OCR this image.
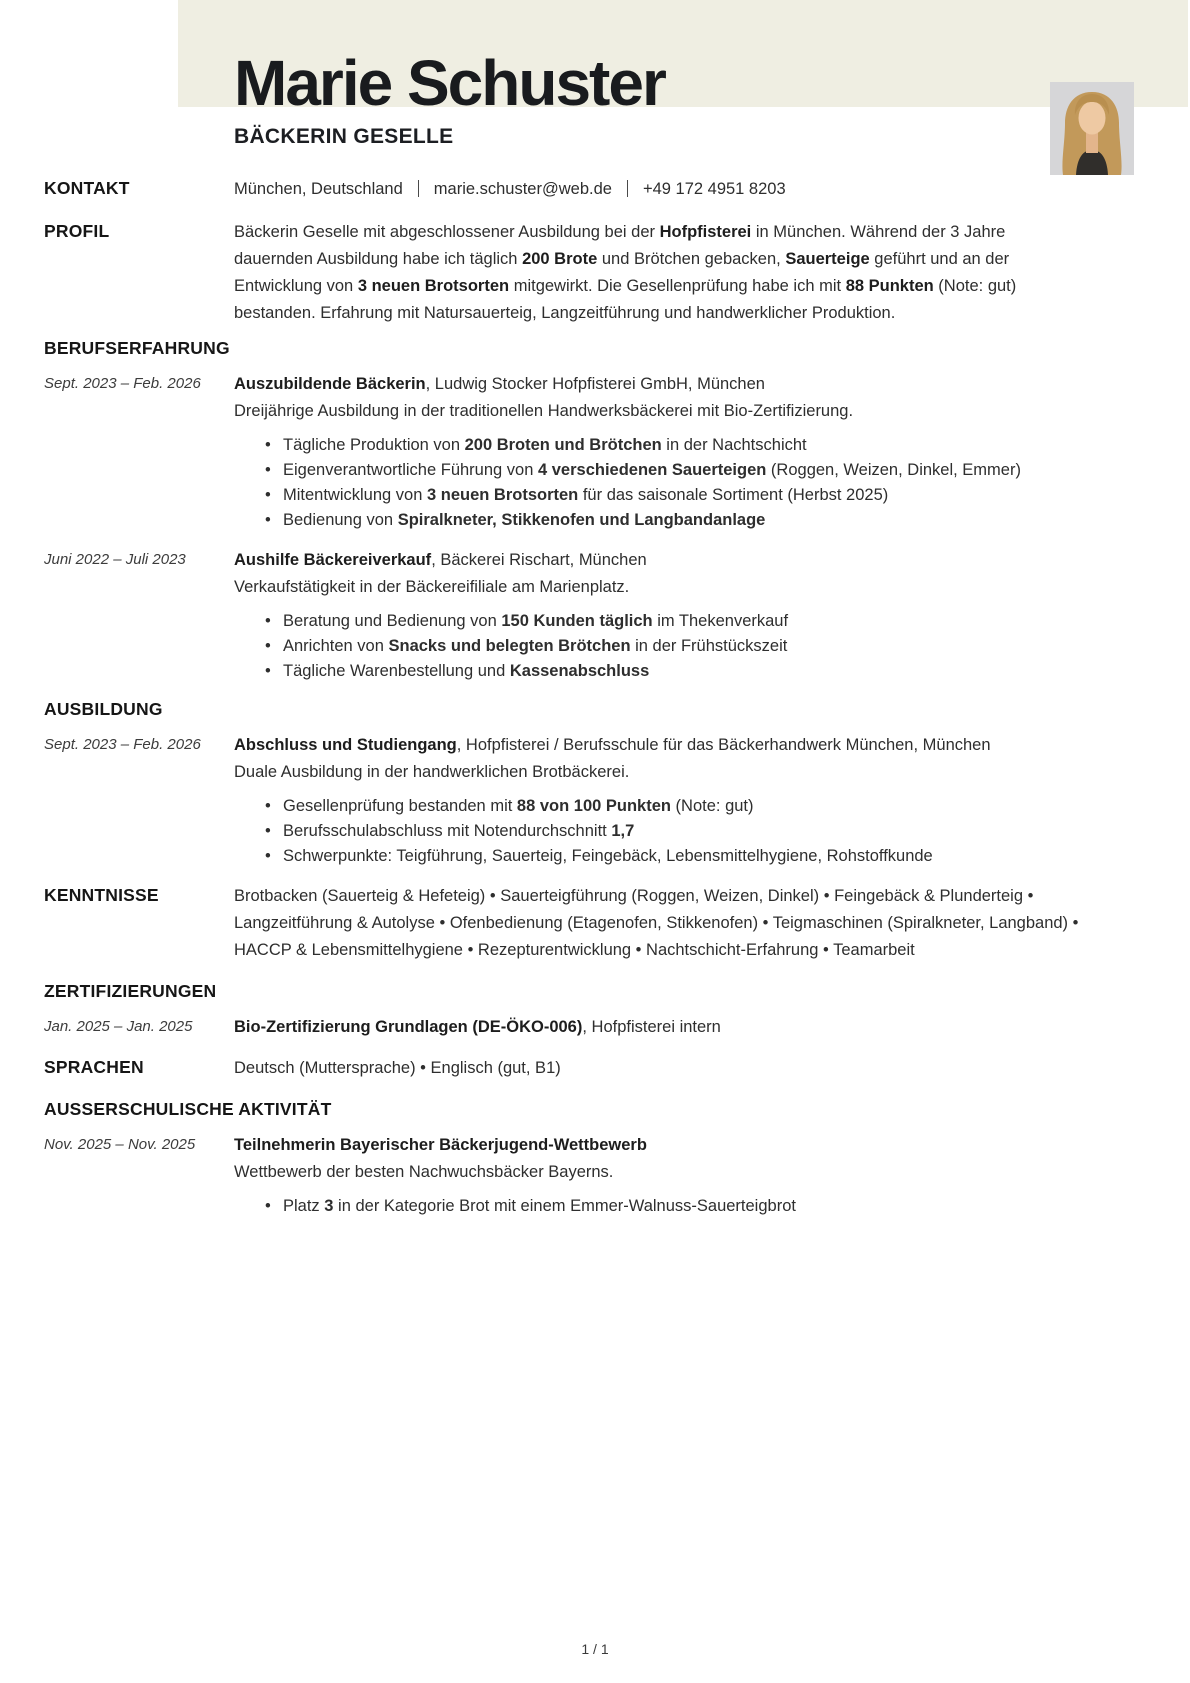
Marie Schuster
BÄCKERIN GESELLE
KONTAKT	München, Deutschland marie.schuster@web.de +49 172 4951 8203
PROFIL	Bäckerin Geselle mit abgeschlossener Ausbildung bei der Hofpfisterei in München. Während der 3 Jahre dauernden Ausbildung habe ich täglich 200 Brote und Brötchen gebacken, Sauerteige geführt und an der Entwicklung von 3 neuen Brotsorten mitgewirkt. Die Gesellenprüfung habe ich mit 88 Punkten (Note: gut) bestanden. Erfahrung mit Natursauerteig, Langzeitführung und handwerklicher Produktion.
BERUFSERFAHRUNG
Sept. 2023 – Feb. 2026	Auszubildende Bäckerin, Ludwig Stocker Hofpfisterei GmbH, München
Dreijährige Ausbildung in der traditionellen Handwerksbäckerei mit Bio-Zertifizierung.
• Tägliche Produktion von 200 Broten und Brötchen in der Nachtschicht
• Eigenverantwortliche Führung von 4 verschiedenen Sauerteigen (Roggen, Weizen, Dinkel, Emmer)
• Mitentwicklung von 3 neuen Brotsorten für das saisonale Sortiment (Herbst 2025)
• Bedienung von Spiralkneter, Stikkenofen und Langbandanlage
Juni 2022 – Juli 2023	Aushilfe Bäckereiverkauf, Bäckerei Rischart, München
Verkaufstätigkeit in der Bäckereifiliale am Marienplatz.
• Beratung und Bedienung von 150 Kunden täglich im Thekenverkauf
• Anrichten von Snacks und belegten Brötchen in der Frühstückszeit
• Tägliche Warenbestellung und Kassenabschluss
AUSBILDUNG
Sept. 2023 – Feb. 2026	Abschluss und Studiengang, Hofpfisterei / Berufsschule für das Bäckerhandwerk München, München
Duale Ausbildung in der handwerklichen Brotbäckerei.
• Gesellenprüfung bestanden mit 88 von 100 Punkten (Note: gut)
• Berufsschulabschluss mit Notendurchschnitt 1,7
• Schwerpunkte: Teigführung, Sauerteig, Feingebäck, Lebensmittelhygiene, Rohstoffkunde
KENNTNISSE	Brotbacken (Sauerteig & Hefeteig) • Sauerteigführung (Roggen, Weizen, Dinkel) • Feingebäck & Plunderteig • Langzeitführung & Autolyse • Ofenbedienung (Etagenofen, Stikkenofen) • Teigmaschinen (Spiralkneter, Langband) • HACCP & Lebensmittelhygiene • Rezepturentwicklung • Nachtschicht-Erfahrung • Teamarbeit
ZERTIFIZIERUNGEN
Jan. 2025 – Jan. 2025	Bio-Zertifizierung Grundlagen (DE-ÖKO-006), Hofpfisterei intern
SPRACHEN	Deutsch (Muttersprache) • Englisch (gut, B1)
AUSSERSCHULISCHE AKTIVITÄT
Nov. 2025 – Nov. 2025	Teilnehmerin Bayerischer Bäckerjugend-Wettbewerb
Wettbewerb der besten Nachwuchsbäcker Bayerns.
• Platz 3 in der Kategorie Brot mit einem Emmer-Walnuss-Sauerteigbrot
1 / 1
